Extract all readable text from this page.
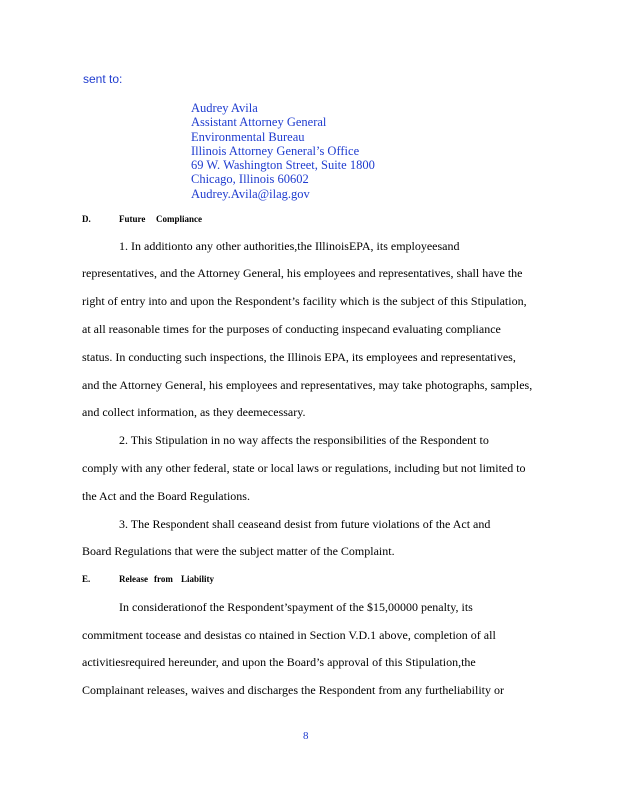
sent to:
Audrey Avila
Assistant Attorney General
Environmental Bureau
Illinois Attorney General’s Office
69 W. Washington Street, Suite 1800
Chicago, Illinois 60602
Audrey.Avila@ilag.gov
D.	Future Compliance
1. In additionto any other authorities,the IllinoisEPA, its employeesand
representatives, and the Attorney General, his employees and representatives, shall have the
right of entry into and upon the Respondent’s facility which is the subject of this Stipulation,
at all reasonable times for the purposes of conducting inspecand evaluating compliance
status. In conducting such inspections, the Illinois EPA, its employees and representatives,
and the Attorney General, his employees and representatives, may take photographs, samples,
and collect information, as they deemecessary.
2. This Stipulation in no way affects the responsibilities of the Respondent to
comply with any other federal, state or local laws or regulations, including but not limited to
the Act and the Board Regulations.
3. The Respondent shall ceaseand desist from future violations of the Act and
Board Regulations that were the subject matter of the Complaint.
E.	Release from Liability
In considerationof the Respondent’spayment of the $15,00000 penalty, its
commitment tocease and desistas co ntained in Section V.D.1 above, completion of all
activitiesrequired hereunder, and upon the Board’s approval of this Stipulation,the
Complainant releases, waives and discharges the Respondent from any furtheliability or
8
